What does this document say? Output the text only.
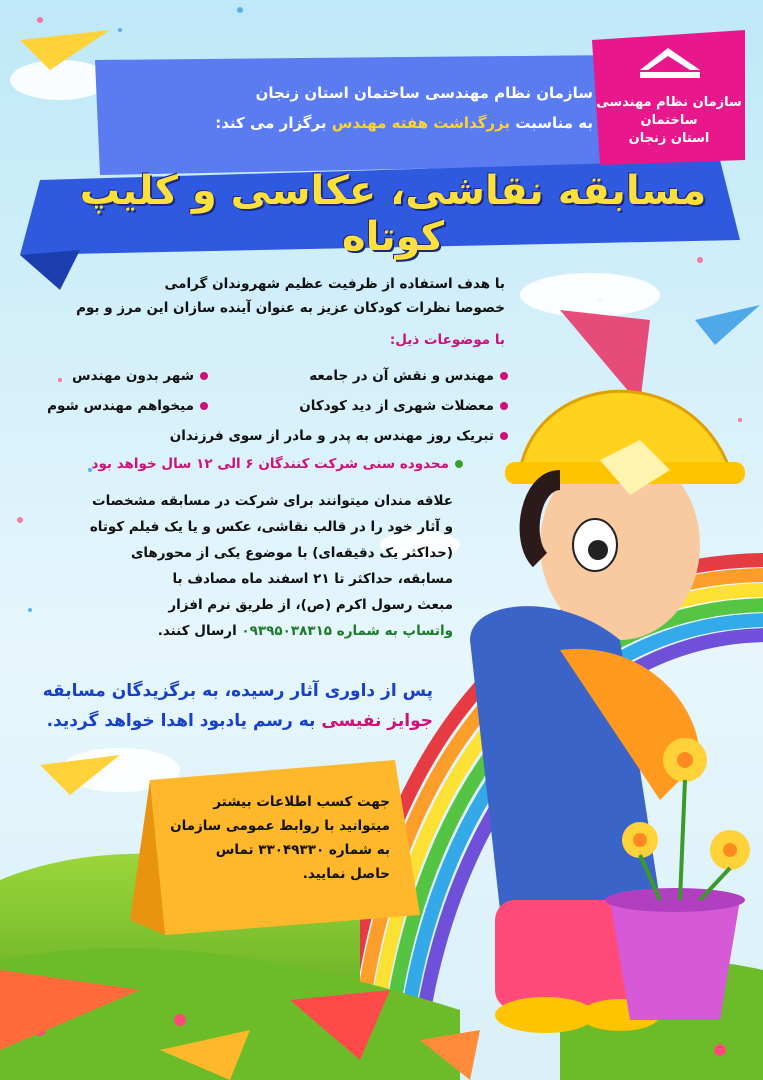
سازمان نظام مهندسی ساختمان
استان زنجان
سازمان نظام مهندسی ساختمان استان زنجان
به مناسبت بزرگداشت هفته مهندس برگزار می کند:
مسابقه نقاشی، عکاسی و کلیپ کوتاه
با هدف استفاده از ظرفیت عظیم شهروندان گرامی
خصوصا نظرات کودکان عزیز به عنوان آینده سازان این مرز و بوم
با موضوعات ذیل:
مهندس و نقش آن در جامعه
شهر بدون مهندس
معضلات شهری از دید کودکان
میخواهم مهندس شوم
تبریک روز مهندس به پدر و مادر از سوی فرزندان
محدوده سنی شرکت کنندگان ۶ الی ۱۲ سال خواهد بود
علاقه مندان میتوانند برای شرکت در مسابقه مشخصات
و آثار خود را در قالب نقاشی، عکس و یا یک فیلم کوتاه
(حداکثر یک دقیقه‌ای) با موضوع یکی از محورهای
مسابقه، حداکثر تا ۲۱ اسفند ماه مصادف با
مبعث رسول اکرم (ص)، از طریق نرم افزار
واتساپ به شماره ۰۹۳۹۵۰۳۸۳۱۵ ارسال کنند.
پس از داوری آثار رسیده، به برگزیدگان مسابقه
جوایز نفیسی به رسم یادبود اهدا خواهد گردید.
جهت کسب اطلاعات بیشتر
میتوانید با روابط عمومی سازمان
به شماره ۳۳۰۴۹۳۳۰ تماس
حاصل نمایید.
